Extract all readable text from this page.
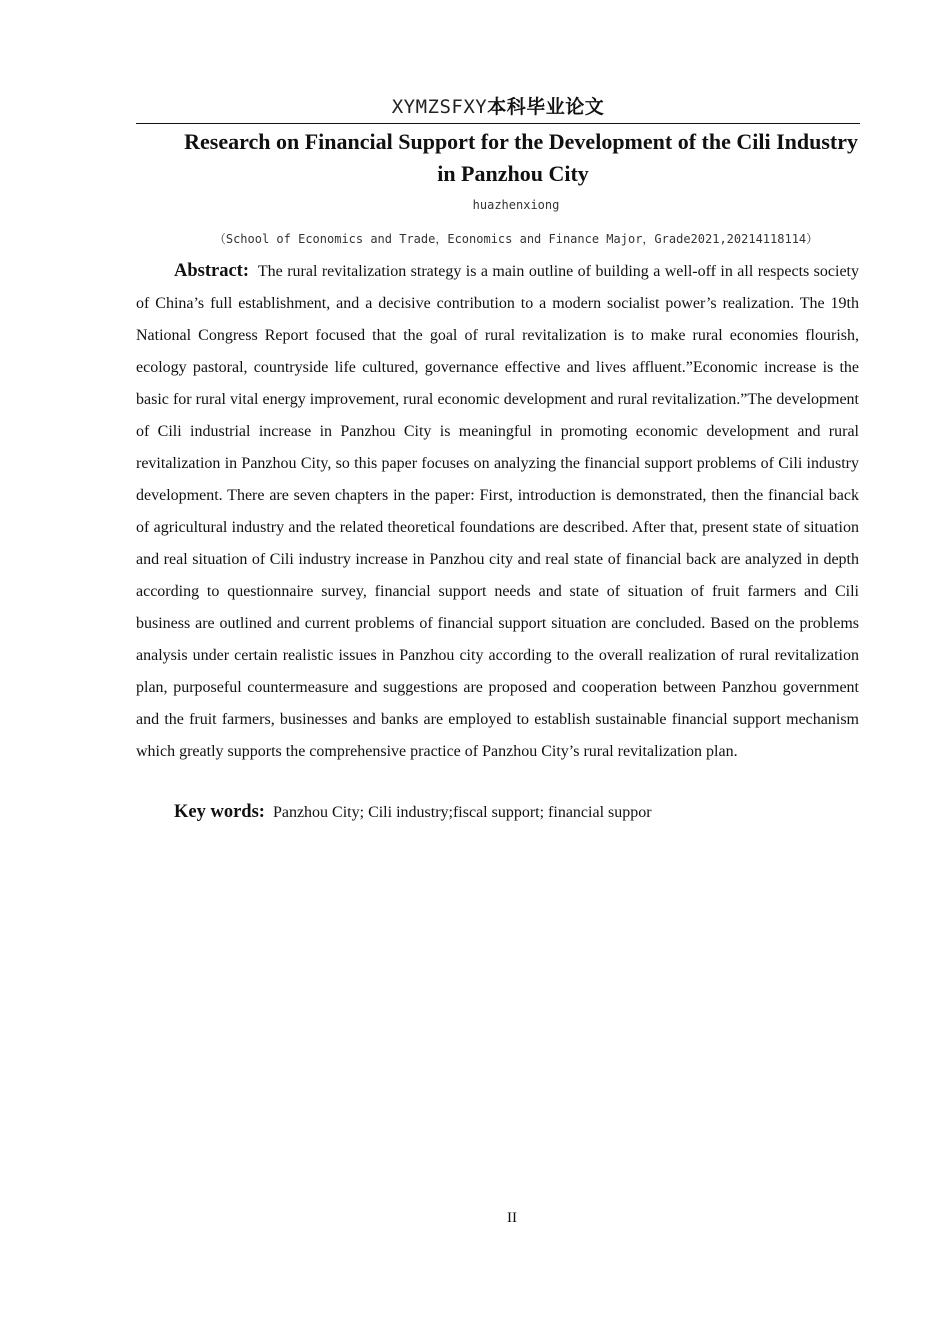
XYMZSFXY本科毕业论文
Research on Financial Support for the Development of the Cili Industry
in Panzhou City
huazhenxiong
（School of Economics and Trade，Economics and Finance Major，Grade2021,20214118114）

Abstract: The rural revitalization strategy is a main outline of building a well-off in all respects society of China’s full establishment, and a decisive contribution to a modern socialist power’s realization. The 19th National Congress Report focused that the goal of rural revitalization is to make rural economies flourish, ecology pastoral, countryside life cultured, governance effective and lives affluent.”Economic increase is the basic for rural vital energy improvement, rural economic development and rural revitalization.”The development of Cili industrial increase in Panzhou City is meaningful in promoting economic development and rural revitalization in Panzhou City, so this paper focuses on analyzing the financial support problems of Cili industry development. There are seven chapters in the paper: First, introduction is demonstrated, then the financial back of agricultural industry and the related theoretical foundations are described. After that, present state of situation and real situation of Cili industry increase in Panzhou city and real state of financial back are analyzed in depth according to questionnaire survey, financial support needs and state of situation of fruit farmers and Cili business are outlined and current problems of financial support situation are concluded. Based on the problems analysis under certain realistic issues in Panzhou city according to the overall realization of rural revitalization plan, purposeful countermeasure and suggestions are proposed and cooperation between Panzhou government and the fruit farmers, businesses and banks are employed to establish sustainable financial support mechanism which greatly supports the comprehensive practice of Panzhou City’s rural revitalization plan.

Key words: Panzhou City; Cili industry;fiscal support; financial suppor

II
